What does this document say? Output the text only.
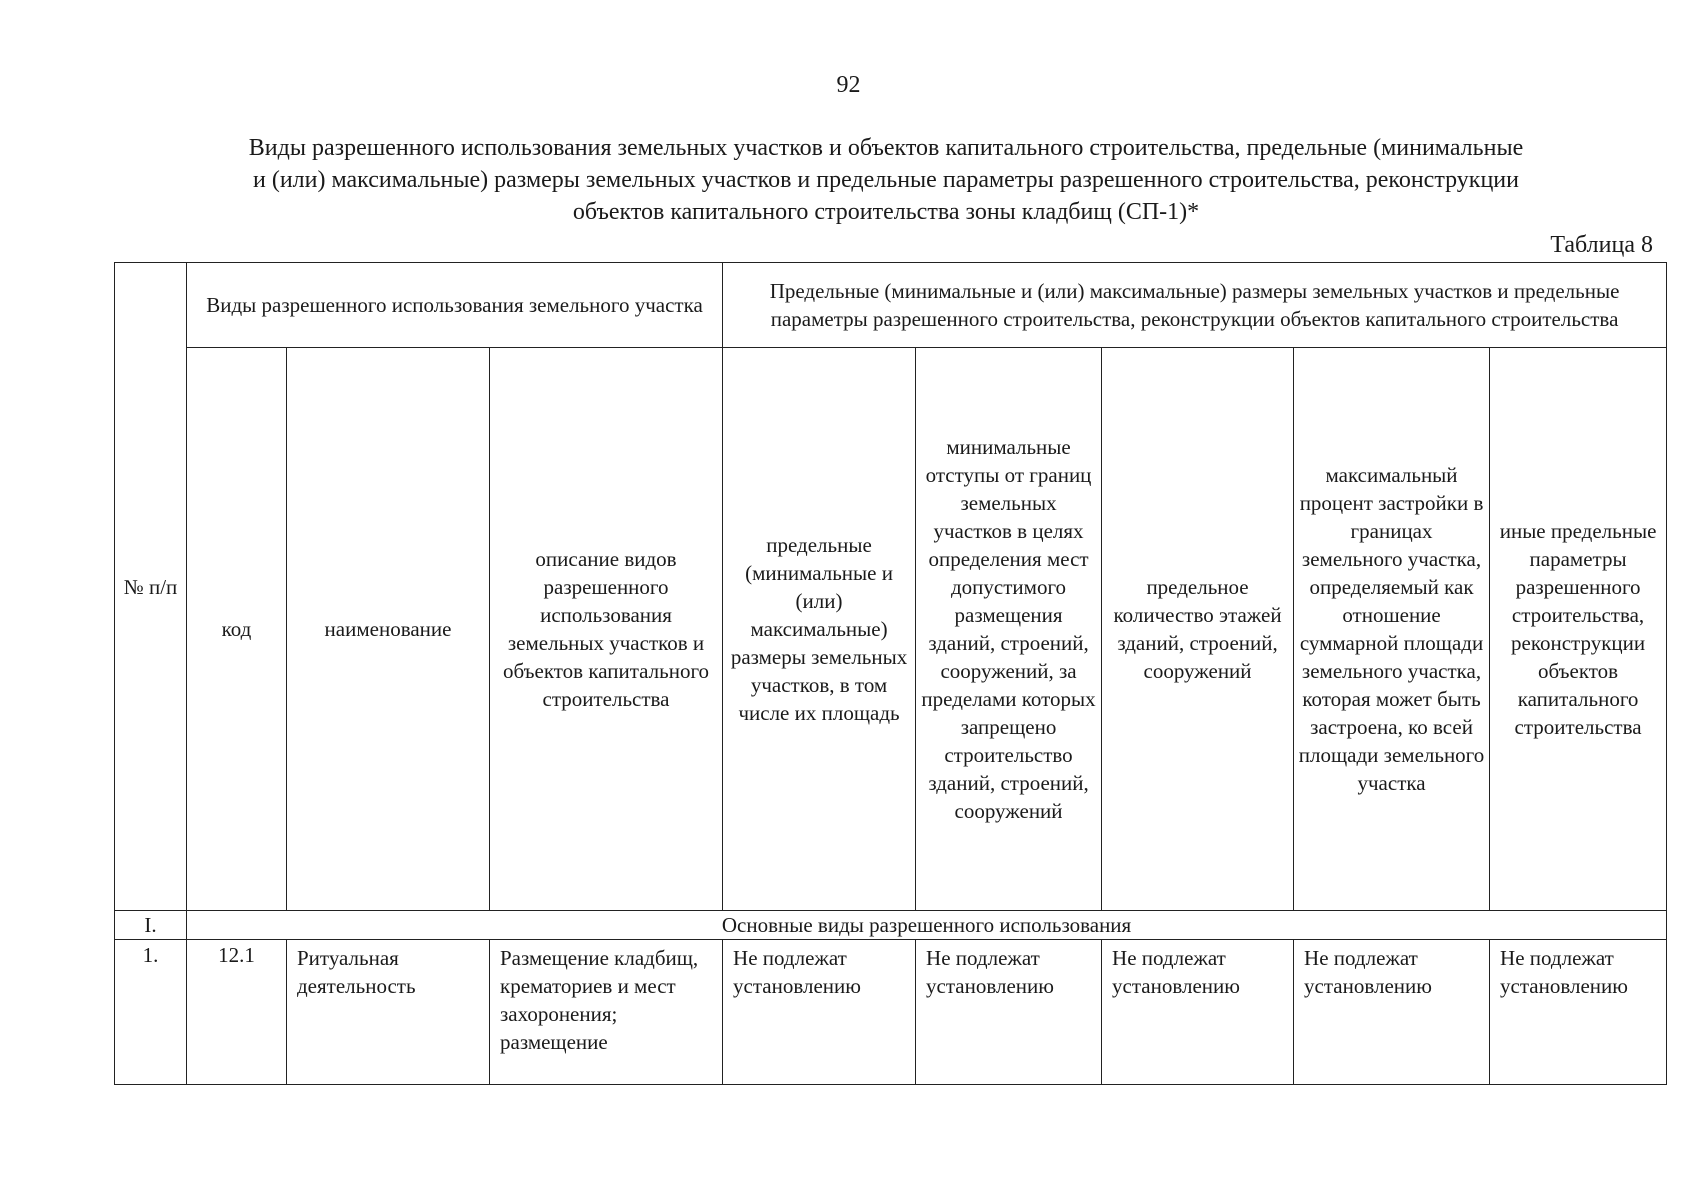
92
Виды разрешенного использования земельных участков и объектов капитального строительства, предельные (минимальные
и (или) максимальные) размеры земельных участков и предельные параметры разрешенного строительства, реконструкции
объектов капитального строительства зоны кладбищ (СП-1)*
Таблица 8
№ п/п	Виды разрешенного использования земельного участка			Предельные (минимальные и (или) максимальные) размеры земельных участков и предельные параметры разрешенного строительства, реконструкции объектов капитального строительства				
	код	наименование	описание видов разрешенного использования земельных участков и объектов капитального строительства	предельные (минимальные и (или) максимальные) размеры земельных участков, в том числе их площадь	минимальные отступы от границ земельных участков в целях определения мест допустимого размещения зданий, строений, сооружений, за пределами которых запрещено строительство зданий, строений, сооружений	предельное количество этажей зданий, строений, сооружений	максимальный процент застройки в границах земельного участка, определяемый как отношение суммарной площади земельного участка, которая может быть застроена, ко всей площади земельного участка	иные предельные параметры разрешенного строительства, реконструкции объектов капитального строительства
I.	Основные виды разрешенного использования							
1.	12.1	Ритуальная деятельность	Размещение кладбищ, крематориев и мест захоронения; размещение	Не подлежат установлению	Не подлежат установлению	Не подлежат установлению	Не подлежат установлению	Не подлежат установлению
